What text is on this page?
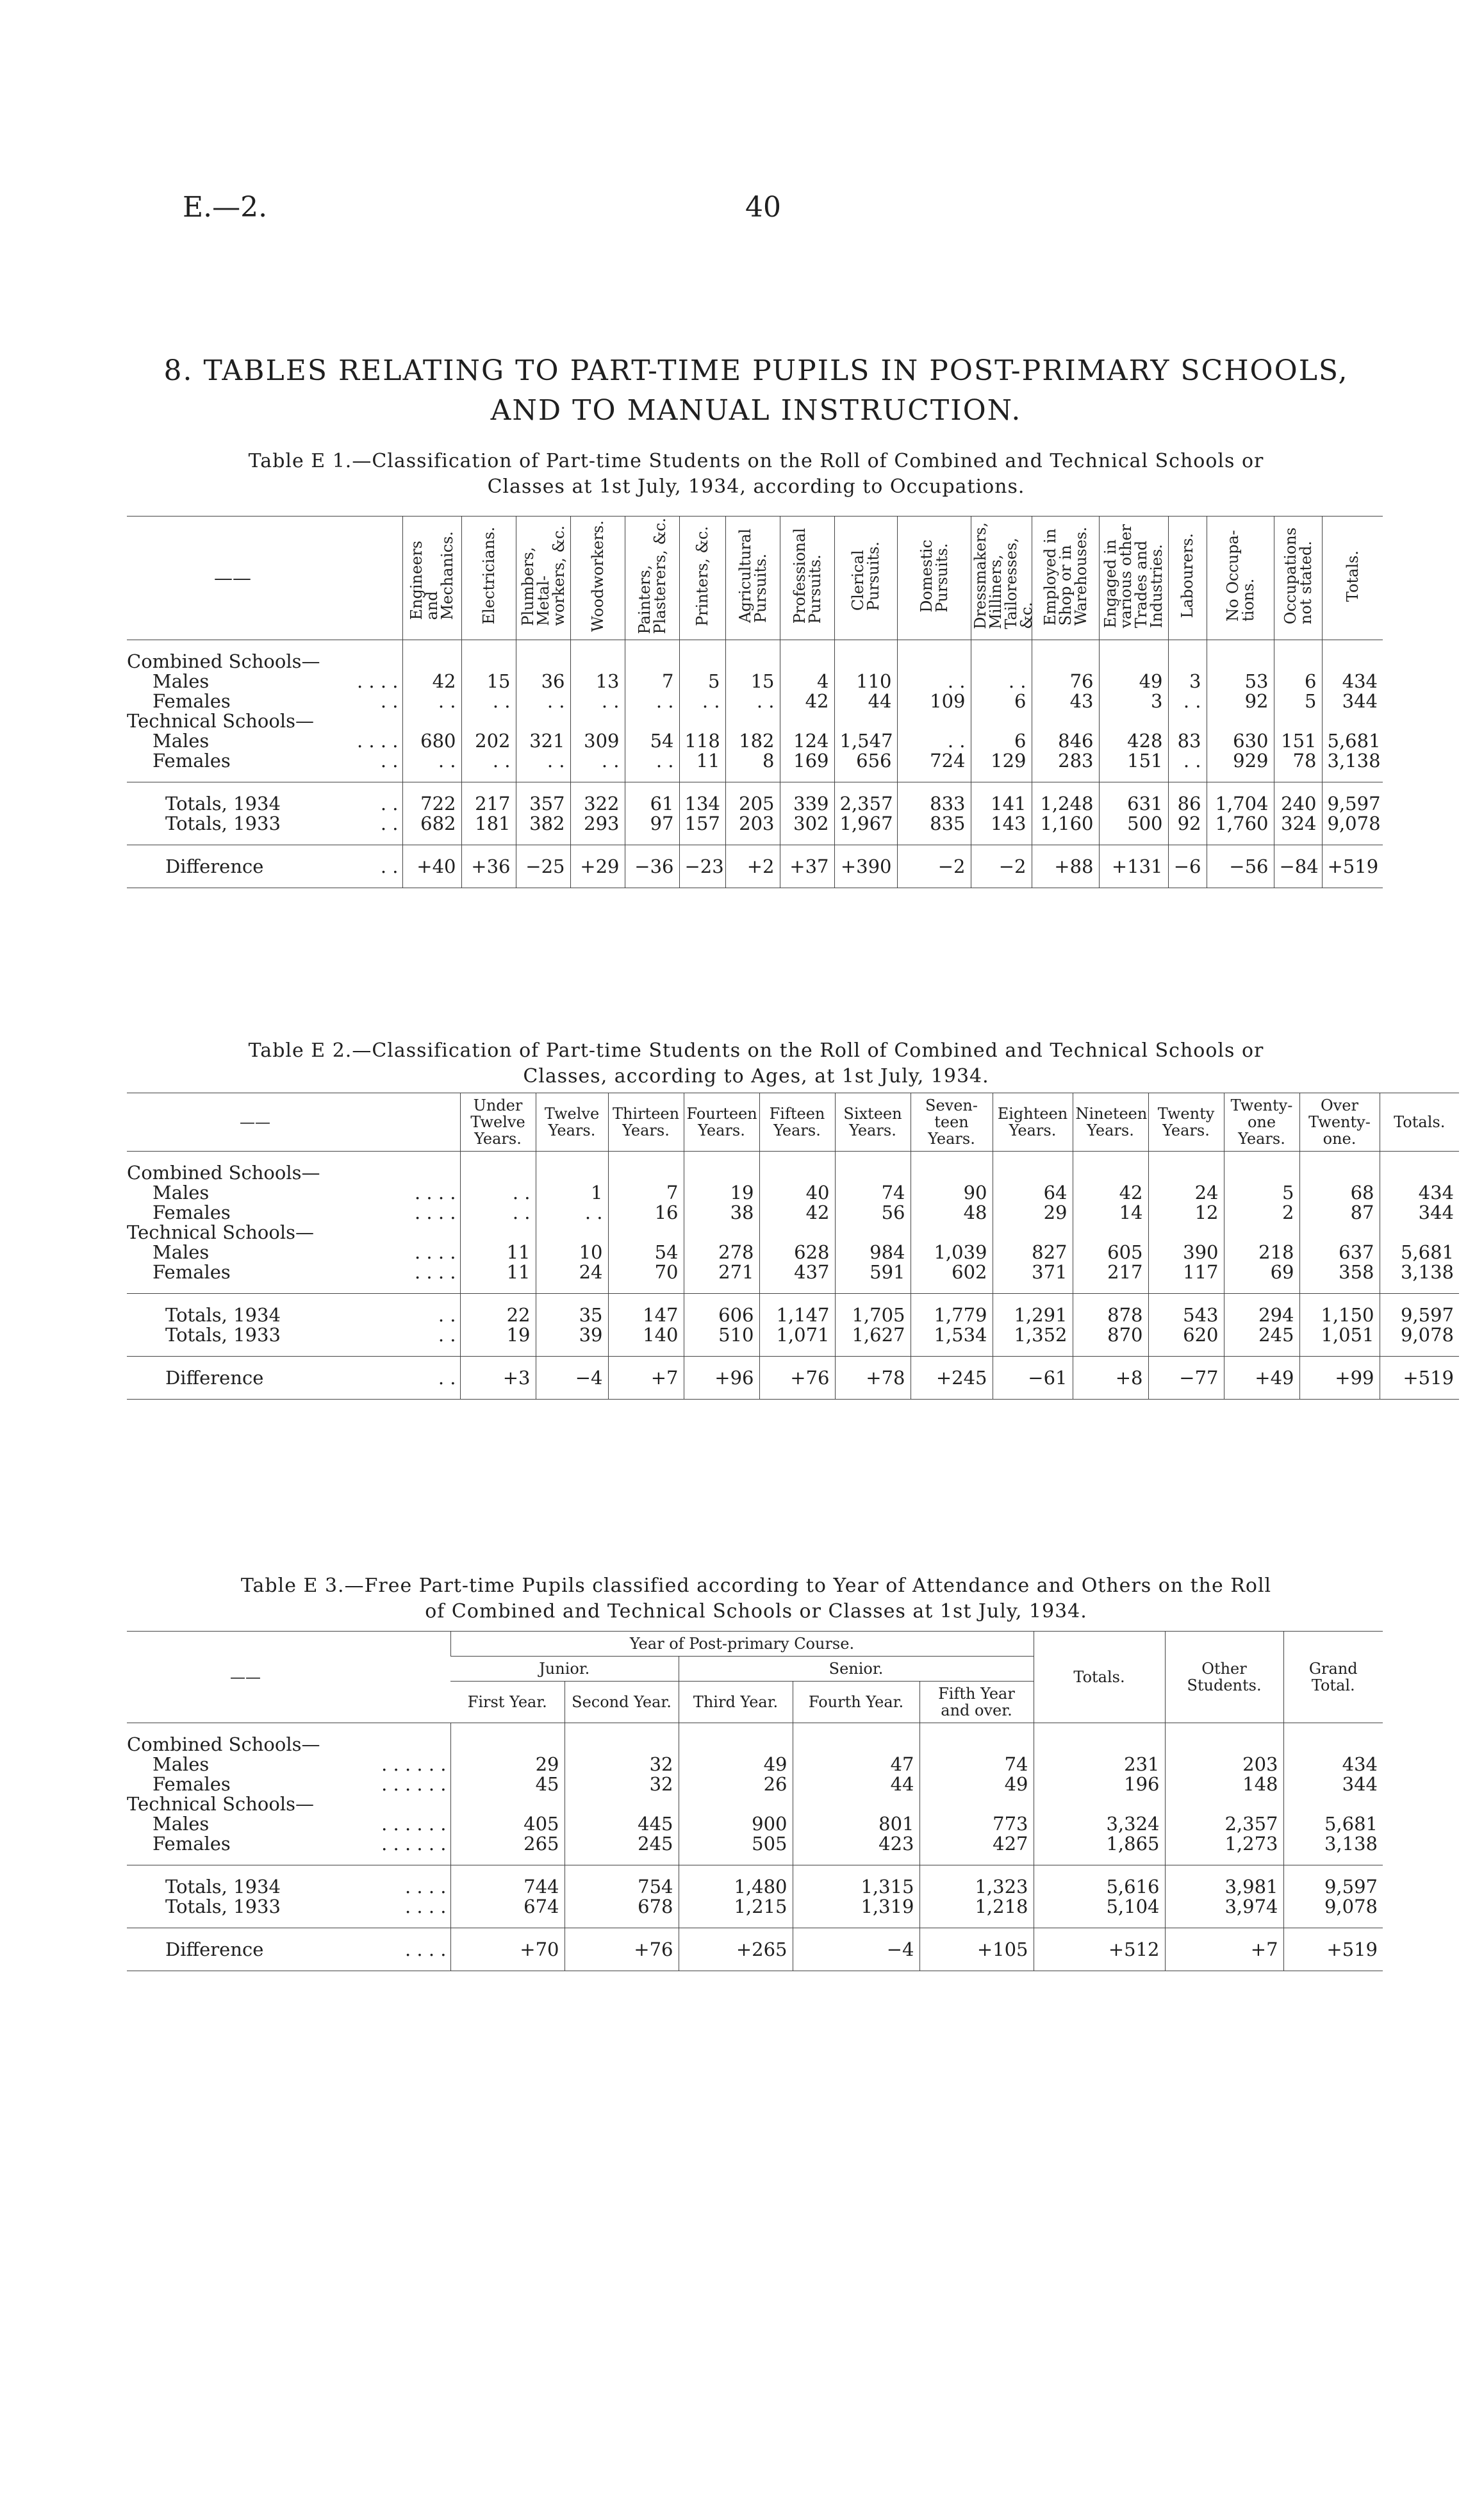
E.—2.	40
8. TABLES RELATING TO PART-TIME PUPILS IN POST-PRIMARY SCHOOLS, AND TO MANUAL INSTRUCTION.
Table E 1.—Classification of Part-time Students on the Roll of Combined and Technical Schools or
Classes at 1st July, 1934, according to Occupations.
——		Engineers
and
Mechanics.	Electricians.	Plumbers,
Metal-
workers, &c.	Woodworkers.	Painters,
Plasterers, &c.	Printers, &c.	Agricultural
Pursuits.	Professional
Pursuits.	Clerical
Pursuits.	Domestic
Pursuits.	Dressmakers,
Milliners,
Tailoresses,
&c.	Employed in
Shop or in
Warehouses.	Engaged in
various other
Trades and
Industries.	Labourers.	No Occupa-
tions.	Occupations
not stated.	Totals.

Combined Schools—																		
Males	. . . .	42	15	36	13	7	5	15	4	110	. .	. .	76	49	3	53	6	434
Females	. .	. .	. .	. .	. .	. .	. .	. .	42	44	109	6	43	3	. .	92	5	344
Technical Schools—																		
Males	. . . .	680	202	321	309	54	118	182	124	1,547	. .	6	846	428	83	630	151	5,681
Females	. .	. .	. .	. .	. .	. .	11	8	169	656	724	129	283	151	. .	929	78	3,138

Totals, 1934	. .	722	217	357	322	61	134	205	339	2,357	833	141	1,248	631	86	1,704	240	9,597
Totals, 1933	. .	682	181	382	293	97	157	203	302	1,967	835	143	1,160	500	92	1,760	324	9,078

Difference	. .	+40	+36	−25	+29	−36	−23	+2	+37	+390	−2	−2	+88	+131	−6	−56	−84	+519

Table E 2.—Classification of Part-time Students on the Roll of Combined and Technical Schools or
Classes, according to Ages, at 1st July, 1934.
——		Under
Twelve
Years.	Twelve
Years.	Thirteen
Years.	Fourteen
Years.	Fifteen
Years.	Sixteen
Years.	Seven-
teen
Years.	Eighteen
Years.	Nineteen
Years.	Twenty
Years.	Twenty-
one
Years.	Over
Twenty-
one.	Totals.

Combined Schools—														
Males	. . . .	. .	1	7	19	40	74	90	64	42	24	5	68	434
Females	. . . .	. .	. .	16	38	42	56	48	29	14	12	2	87	344
Technical Schools—														
Males	. . . .	11	10	54	278	628	984	1,039	827	605	390	218	637	5,681
Females	. . . .	11	24	70	271	437	591	602	371	217	117	69	358	3,138

Totals, 1934	. .	22	35	147	606	1,147	1,705	1,779	1,291	878	543	294	1,150	9,597
Totals, 1933	. .	19	39	140	510	1,071	1,627	1,534	1,352	870	620	245	1,051	9,078

Difference	. .	+3	−4	+7	+96	+76	+78	+245	−61	+8	−77	+49	+99	+519

Table E 3.—Free Part-time Pupils classified according to Year of Attendance and Others on the Roll
of Combined and Technical Schools or Classes at 1st July, 1934.
——		Year of Post-primary Course.					Totals.	Other Students.	Grand Total.
		Junior.		Senior.					
		First Year.	Second Year.	Third Year.	Fourth Year.	Fifth Year and over.			

Combined Schools—									
Males	. . . . . .	29	32	49	47	74	231	203	434
Females	. . . . . .	45	32	26	44	49	196	148	344
Technical Schools—									
Males	. . . . . .	405	445	900	801	773	3,324	2,357	5,681
Females	. . . . . .	265	245	505	423	427	1,865	1,273	3,138

Totals, 1934	. . . .	744	754	1,480	1,315	1,323	5,616	3,981	9,597
Totals, 1933	. . . .	674	678	1,215	1,319	1,218	5,104	3,974	9,078

Difference	. . . .	+70	+76	+265	−4	+105	+512	+7	+519
